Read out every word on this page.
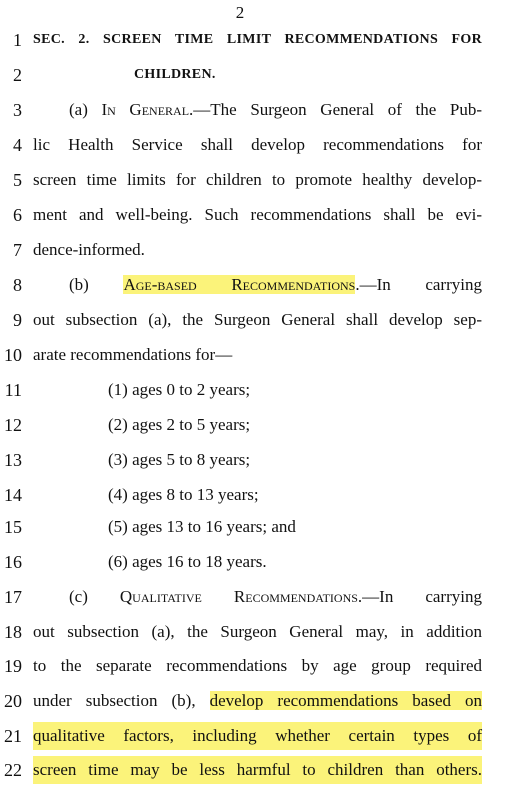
2
1 SEC. 2. SCREEN TIME LIMIT RECOMMENDATIONS FOR
2	CHILDREN.
3	(a) In General.—The Surgeon General of the Pub-
4 lic Health Service shall develop recommendations for
5 screen time limits for children to promote healthy develop-
6 ment and well-being. Such recommendations shall be evi-
7 dence-informed.
8	(b) Age-based Recommendations.—In carrying
9 out subsection (a), the Surgeon General shall develop sep-
10 arate recommendations for—
11	(1) ages 0 to 2 years;
12	(2) ages 2 to 5 years;
13	(3) ages 5 to 8 years;
14	(4) ages 8 to 13 years;
15	(5) ages 13 to 16 years; and
16	(6) ages 16 to 18 years.
17	(c) Qualitative Recommendations.—In carrying
18 out subsection (a), the Surgeon General may, in addition
19 to the separate recommendations by age group required
20 under subsection (b), develop recommendations based on
21 qualitative factors, including whether certain types of
22 screen time may be less harmful to children than others.
